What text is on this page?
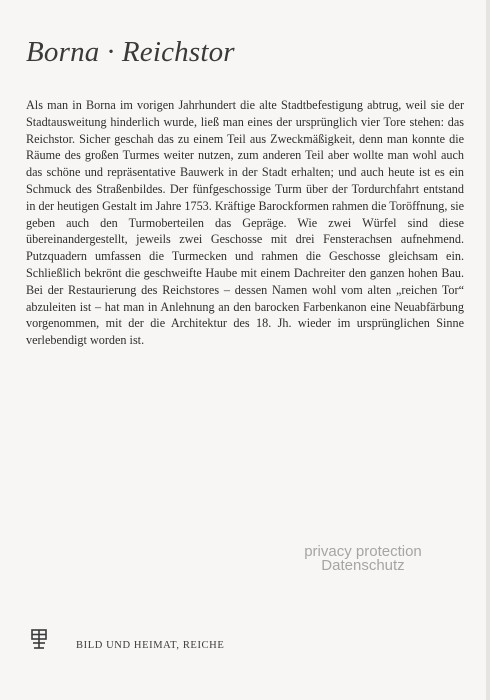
Borna · Reichstor
Als man in Borna im vorigen Jahrhundert die alte Stadtbefestigung abtrug, weil sie der Stadtausweitung hinderlich wurde, ließ man eines der ursprünglich vier Tore stehen: das Reichstor. Sicher geschah das zu einem Teil aus Zweckmäßigkeit, denn man konnte die Räume des großen Turmes weiter nutzen, zum anderen Teil aber wollte man wohl auch das schöne und repräsentative Bauwerk in der Stadt erhalten; und auch heute ist es ein Schmuck des Straßenbildes. Der fünfgeschossige Turm über der Tordurchfahrt entstand in der heutigen Gestalt im Jahre 1753. Kräftige Barockformen rahmen die Toröffnung, sie geben auch den Turmoberteilen das Gepräge. Wie zwei Würfel sind diese übereinandergestellt, jeweils zwei Geschosse mit drei Fensterachsen aufnehmend. Putzquadern umfassen die Turmecken und rahmen die Geschosse gleichsam ein. Schließlich bekrönt die geschweifte Haube mit einem Dachreiter den ganzen hohen Bau. Bei der Restaurierung des Reichstores – dessen Namen wohl vom alten „reichen Tor“ abzuleiten ist – hat man in Anlehnung an den barocken Farbenkanon eine Neuabfärbung vorgenommen, mit der die Architektur des 18. Jh. wieder im ursprünglichen Sinne verlebendigt worden ist.
privacy protection
Datenschutz
BILD UND HEIMAT, REICHE
